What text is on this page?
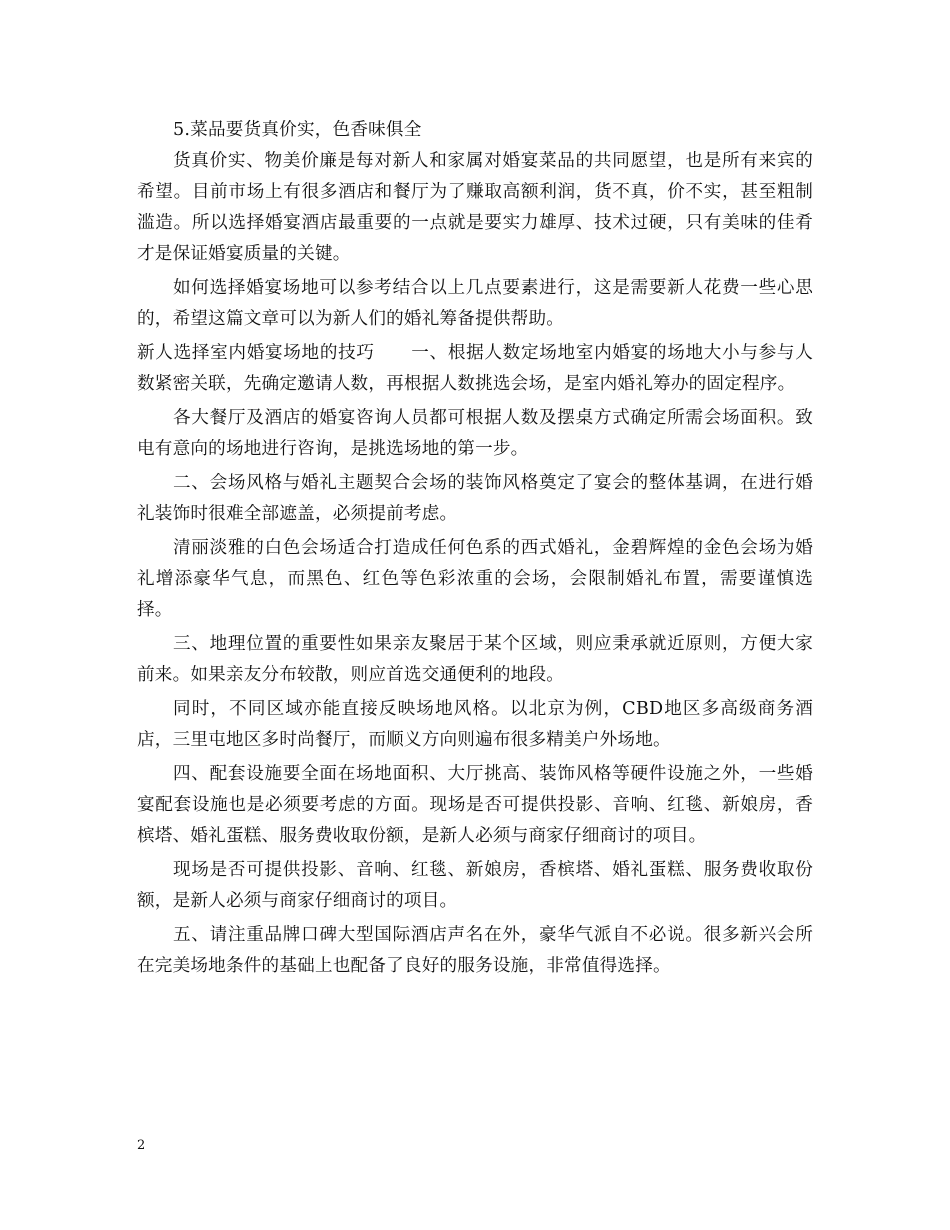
5.菜品要货真价实，色香味俱全

货真价实、物美价廉是每对新人和家属对婚宴菜品的共同愿望，也是所有来宾的希望。目前市场上有很多酒店和餐厅为了赚取高额利润，货不真，价不实，甚至粗制滥造。所以选择婚宴酒店最重要的一点就是要实力雄厚、技术过硬，只有美味的佳肴才是保证婚宴质量的关键。

如何选择婚宴场地可以参考结合以上几点要素进行，这是需要新人花费一些心思的，希望这篇文章可以为新人们的婚礼筹备提供帮助。

新人选择室内婚宴场地的技巧　　一、根据人数定场地室内婚宴的场地大小与参与人数紧密关联，先确定邀请人数，再根据人数挑选会场，是室内婚礼筹办的固定程序。

各大餐厅及酒店的婚宴咨询人员都可根据人数及摆桌方式确定所需会场面积。致电有意向的场地进行咨询，是挑选场地的第一步。

二、会场风格与婚礼主题契合会场的装饰风格奠定了宴会的整体基调，在进行婚礼装饰时很难全部遮盖，必须提前考虑。

清丽淡雅的白色会场适合打造成任何色系的西式婚礼，金碧辉煌的金色会场为婚礼增添豪华气息，而黑色、红色等色彩浓重的会场，会限制婚礼布置，需要谨慎选择。

三、地理位置的重要性如果亲友聚居于某个区域，则应秉承就近原则，方便大家前来。如果亲友分布较散，则应首选交通便利的地段。

同时，不同区域亦能直接反映场地风格。以北京为例，CBD地区多高级商务酒店，三里屯地区多时尚餐厅，而顺义方向则遍布很多精美户外场地。

四、配套设施要全面在场地面积、大厅挑高、装饰风格等硬件设施之外，一些婚宴配套设施也是必须要考虑的方面。现场是否可提供投影、音响、红毯、新娘房，香槟塔、婚礼蛋糕、服务费收取份额，是新人必须与商家仔细商讨的项目。

现场是否可提供投影、音响、红毯、新娘房，香槟塔、婚礼蛋糕、服务费收取份额，是新人必须与商家仔细商讨的项目。

五、请注重品牌口碑大型国际酒店声名在外，豪华气派自不必说。很多新兴会所在完美场地条件的基础上也配备了良好的服务设施，非常值得选择。

2
